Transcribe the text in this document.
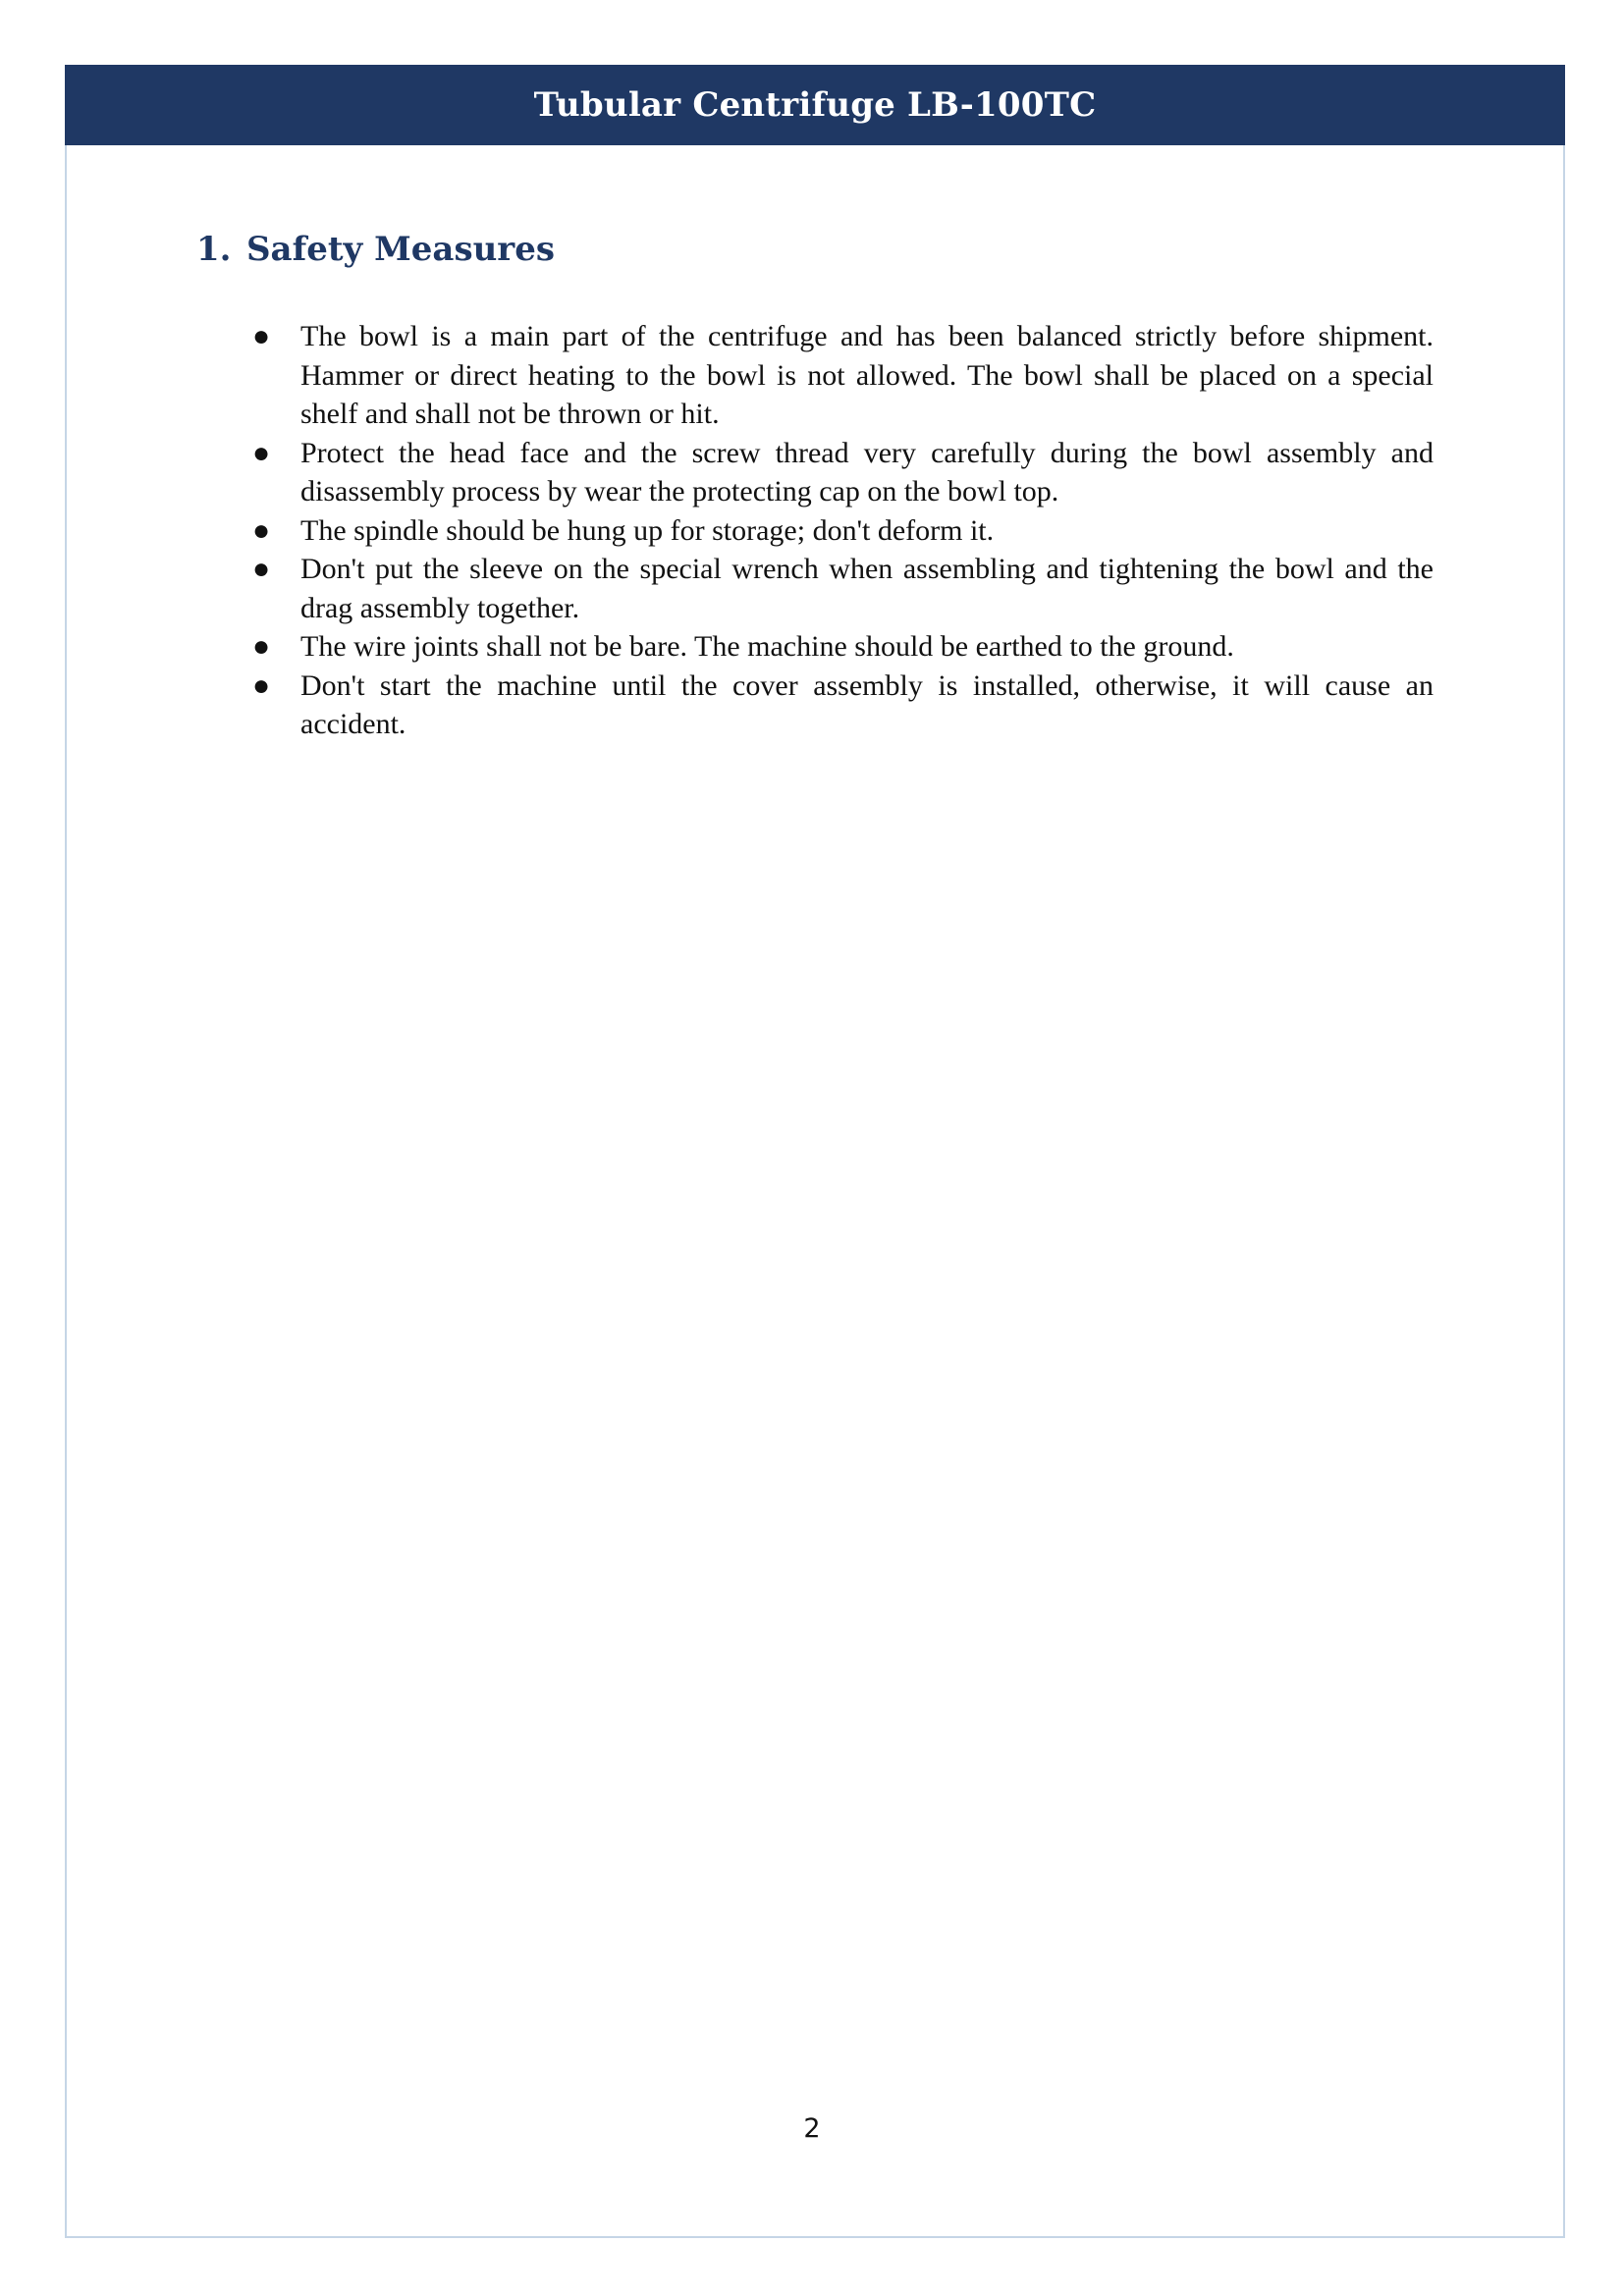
Tubular Centrifuge LB-100TC
1. Safety Measures
● The bowl is a main part of the centrifuge and has been balanced strictly before shipment. Hammer or direct heating to the bowl is not allowed. The bowl shall be placed on a special shelf and shall not be thrown or hit.
● Protect the head face and the screw thread very carefully during the bowl assembly and disassembly process by wear the protecting cap on the bowl top.
● The spindle should be hung up for storage; don't deform it.
● Don't put the sleeve on the special wrench when assembling and tightening the bowl and the drag assembly together.
● The wire joints shall not be bare. The machine should be earthed to the ground.
● Don't start the machine until the cover assembly is installed, otherwise, it will cause an accident.
2
